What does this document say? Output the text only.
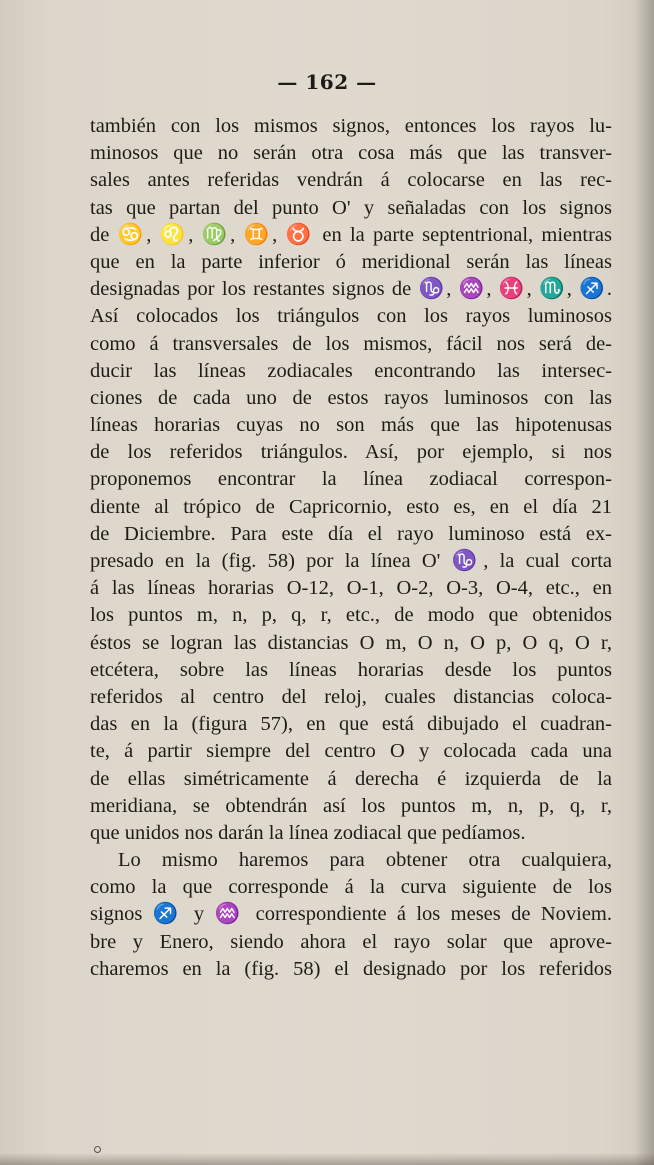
— 162 —
también con los mismos signos, entonces los rayos lu-
minosos que no serán otra cosa más que las transver-
sales antes referidas vendrán á colocarse en las rec-
tas que partan del punto O' y señaladas con los signos
de ♋, ♌, ♍, ♊, ♉ en la parte septentrional, mientras
que en la parte inferior ó meridional serán las líneas
designadas por los restantes signos de ♑, ♒, ♓, ♏, ♐.
Así colocados los triángulos con los rayos luminosos
como á transversales de los mismos, fácil nos será de-
ducir las líneas zodiacales encontrando las intersec-
ciones de cada uno de estos rayos luminosos con las
líneas horarias cuyas no son más que las hipotenusas
de los referidos triángulos. Así, por ejemplo, si nos
proponemos encontrar la línea zodiacal correspon-
diente al trópico de Capricornio, esto es, en el día 21
de Diciembre. Para este día el rayo luminoso está ex-
presado en la (fig. 58) por la línea O' ♑, la cual corta
á las líneas horarias O-12, O-1, O-2, O-3, O-4, etc., en
los puntos m, n, p, q, r, etc., de modo que obtenidos
éstos se logran las distancias O m, O n, O p, O q, O r,
etcétera, sobre las líneas horarias desde los puntos
referidos al centro del reloj, cuales distancias coloca-
das en la (figura 57), en que está dibujado el cuadran-
te, á partir siempre del centro O y colocada cada una
de ellas simétricamente á derecha é izquierda de la
meridiana, se obtendrán así los puntos m, n, p, q, r,
que unidos nos darán la línea zodiacal que pedíamos.
Lo mismo haremos para obtener otra cualquiera,
como la que corresponde á la curva siguiente de los
signos ♐ y ♒ correspondiente á los meses de Noviem.
bre y Enero, siendo ahora el rayo solar que aprove-
charemos en la (fig. 58) el designado por los referidos
